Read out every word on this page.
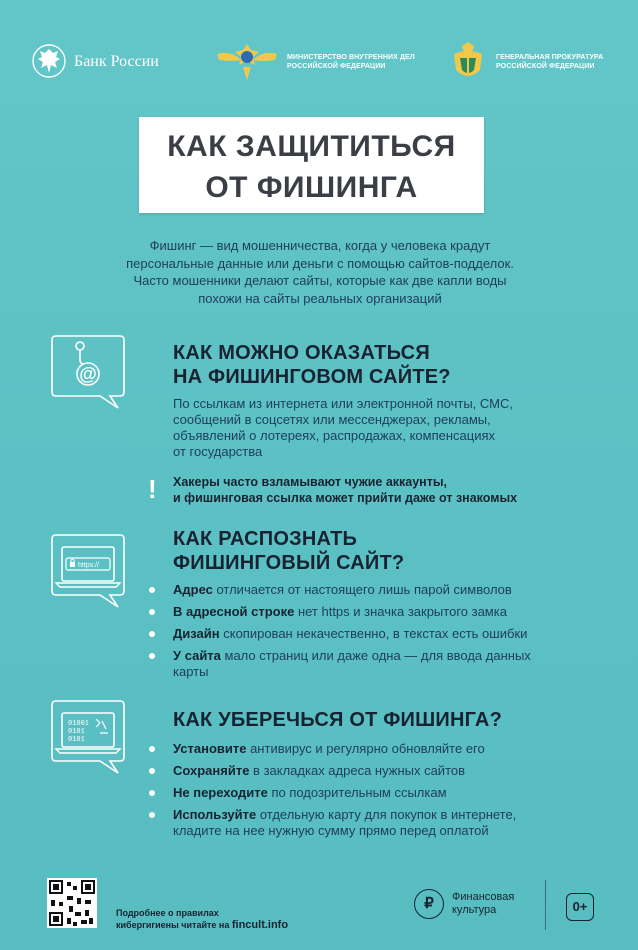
Банк России	МИНИСТЕРСТВО ВНУТРЕННИХ ДЕЛ
РОССИЙСКОЙ ФЕДЕРАЦИИ
ГЕНЕРАЛЬНАЯ ПРОКУРАТУРА
РОССИЙСКОЙ ФЕДЕРАЦИИ
КАК ЗАЩИТИТЬСЯ
ОТ ФИШИНГА
Фишинг — вид мошенничества, когда у человека крадут
персональные данные или деньги с помощью сайтов-подделок.
Часто мошенники делают сайты, которые как две капли воды
похожи на сайты реальных организаций
@
КАК МОЖНО ОКАЗАТЬСЯ
НА ФИШИНГОВОМ САЙТЕ?
По ссылкам из интернета или электронной почты, СМС,
сообщений в соцсетях или мессенджерах, рекламы,
объявлений о лотереях, распродажах, компенсациях
от государства
! Хакеры часто взламывают чужие аккаунты,
и фишинговая ссылка может прийти даже от знакомых
https://
КАК РАСПОЗНАТЬ
ФИШИНГОВЫЙ САЙТ?
Адрес отличается от настоящего лишь парой символов
В адресной строке нет https и значка закрытого замка
Дизайн скопирован некачественно, в текстах есть ошибки
У сайта мало страниц или даже одна — для ввода данных карты
01001
0101
0101
КАК УБЕРЕЧЬСЯ ОТ ФИШИНГА?
Установите антивирус и регулярно обновляйте его
Сохраняйте в закладках адреса нужных сайтов
Не переходите по подозрительным ссылкам
Используйте отдельную карту для покупок в интернете, кладите на нее нужную сумму прямо перед оплатой
Подробнее о правилах
кибергигиены читайте на fincult.info
₽	Финансовая
культура	0+
